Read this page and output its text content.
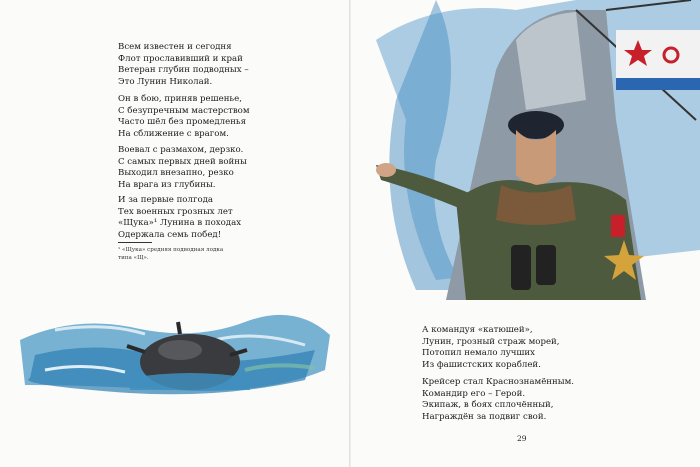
Всем известен и сегодня
Флот прославивший и край
Ветеран глубин подводных –
Это Лунин Николай.
Он в бою, приняв решенье,
С безупречным мастерством
Часто шёл без промедленья
На сближение с врагом.
Воевал с размахом, дерзко.
С самых первых дней войны
Выходил внезапно, резко
На врага из глубины.
И за первые полгода
Тех военных грозных лет
«Щука»¹ Лунина в походах
Одержала семь побед!
¹ «Щука» средняя подводная лодка
типа «Щ».
А командуя «катюшей»,
Лунин, грозный страж морей,
Потопил немало лучших
Из фашистских кораблей.
Крейсер стал Краснознамённым.
Командир его – Герой.
Экипаж, в боях сплочённый,
Награждён за подвиг свой.
29
